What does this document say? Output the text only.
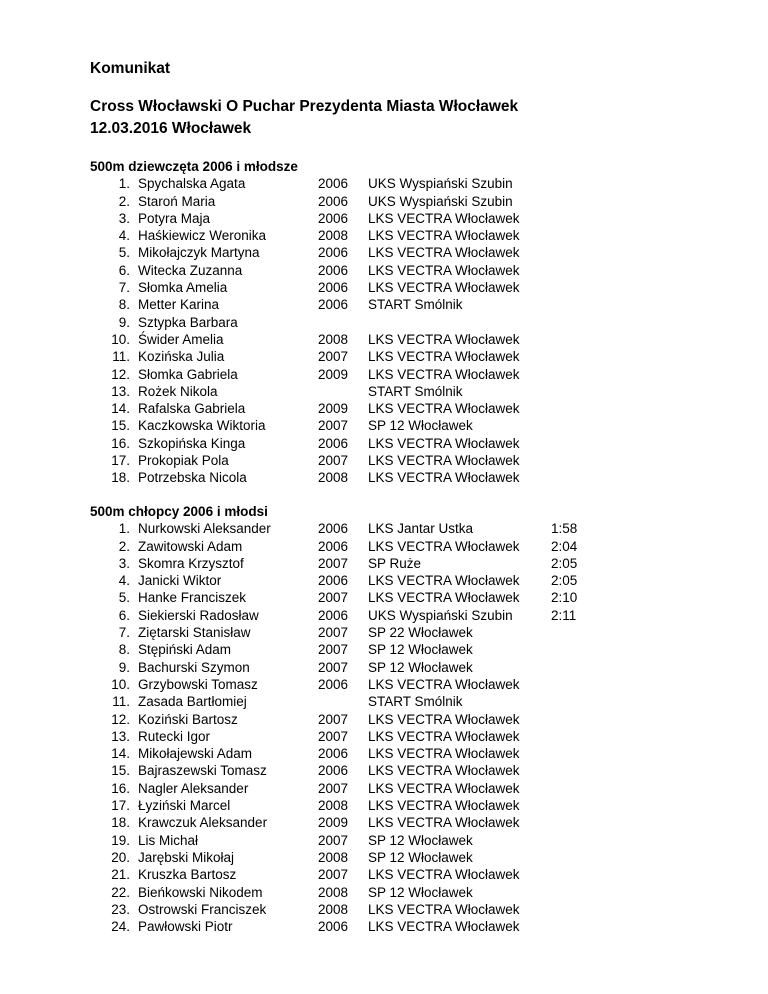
Komunikat
Cross Włocławski O Puchar Prezydenta Miasta Włocławek
12.03.2016 Włocławek
500m dziewczęta 2006 i młodsze
1. Spychalska Agata	2006 UKS Wyspiański Szubin
2. Staroń Maria	2006 UKS Wyspiański Szubin
3. Potyra Maja	2006 LKS VECTRA Włocławek
4. Haśkiewicz Weronika	2008 LKS VECTRA Włocławek
5. Mikołajczyk Martyna	2006 LKS VECTRA Włocławek
6. Witecka Zuzanna	2006 LKS VECTRA Włocławek
7. Słomka Amelia	2006 LKS VECTRA Włocławek
8. Metter Karina	2006 START Smólnik
9. Sztypka Barbara
10. Świder Amelia	2008 LKS VECTRA Włocławek
11. Kozińska Julia	2007 LKS VECTRA Włocławek
12. Słomka Gabriela	2009 LKS VECTRA Włocławek
13. Rożek Nikola	START Smólnik
14. Rafalska Gabriela	2009 LKS VECTRA Włocławek
15. Kaczkowska Wiktoria	2007 SP 12 Włocławek
16. Szkopińska Kinga	2006 LKS VECTRA Włocławek
17. Prokopiak Pola	2007 LKS VECTRA Włocławek
18. Potrzebska Nicola	2008 LKS VECTRA Włocławek
500m chłopcy 2006 i młodsi
1. Nurkowski Aleksander	2006 LKS Jantar Ustka	1:58
2. Zawitowski Adam	2006 LKS VECTRA Włocławek 2:04
3. Skomra Krzysztof	2007 SP Ruże	2:05
4. Janicki Wiktor	2006 LKS VECTRA Włocławek 2:05
5. Hanke Franciszek	2007 LKS VECTRA Włocławek 2:10
6. Siekierski Radosław	2006 UKS Wyspiański Szubin	2:11
7. Ziętarski Stanisław	2007 SP 22 Włocławek
8. Stępiński Adam	2007 SP 12 Włocławek
9. Bachurski Szymon	2007 SP 12 Włocławek
10. Grzybowski Tomasz	2006 LKS VECTRA Włocławek
11. Zasada Bartłomiej	START Smólnik
12. Koziński Bartosz	2007 LKS VECTRA Włocławek
13. Rutecki Igor	2007 LKS VECTRA Włocławek
14. Mikołajewski Adam	2006 LKS VECTRA Włocławek
15. Bajraszewski Tomasz	2006 LKS VECTRA Włocławek
16. Nagler Aleksander	2007 LKS VECTRA Włocławek
17. Łyziński Marcel	2008 LKS VECTRA Włocławek
18. Krawczuk Aleksander	2009 LKS VECTRA Włocławek
19. Lis Michał	2007 SP 12 Włocławek
20. Jarębski Mikołaj	2008 SP 12 Włocławek
21. Kruszka Bartosz	2007 LKS VECTRA Włocławek
22. Bieńkowski Nikodem	2008 SP 12 Włocławek
23. Ostrowski Franciszek	2008 LKS VECTRA Włocławek
24. Pawłowski Piotr	2006 LKS VECTRA Włocławek
